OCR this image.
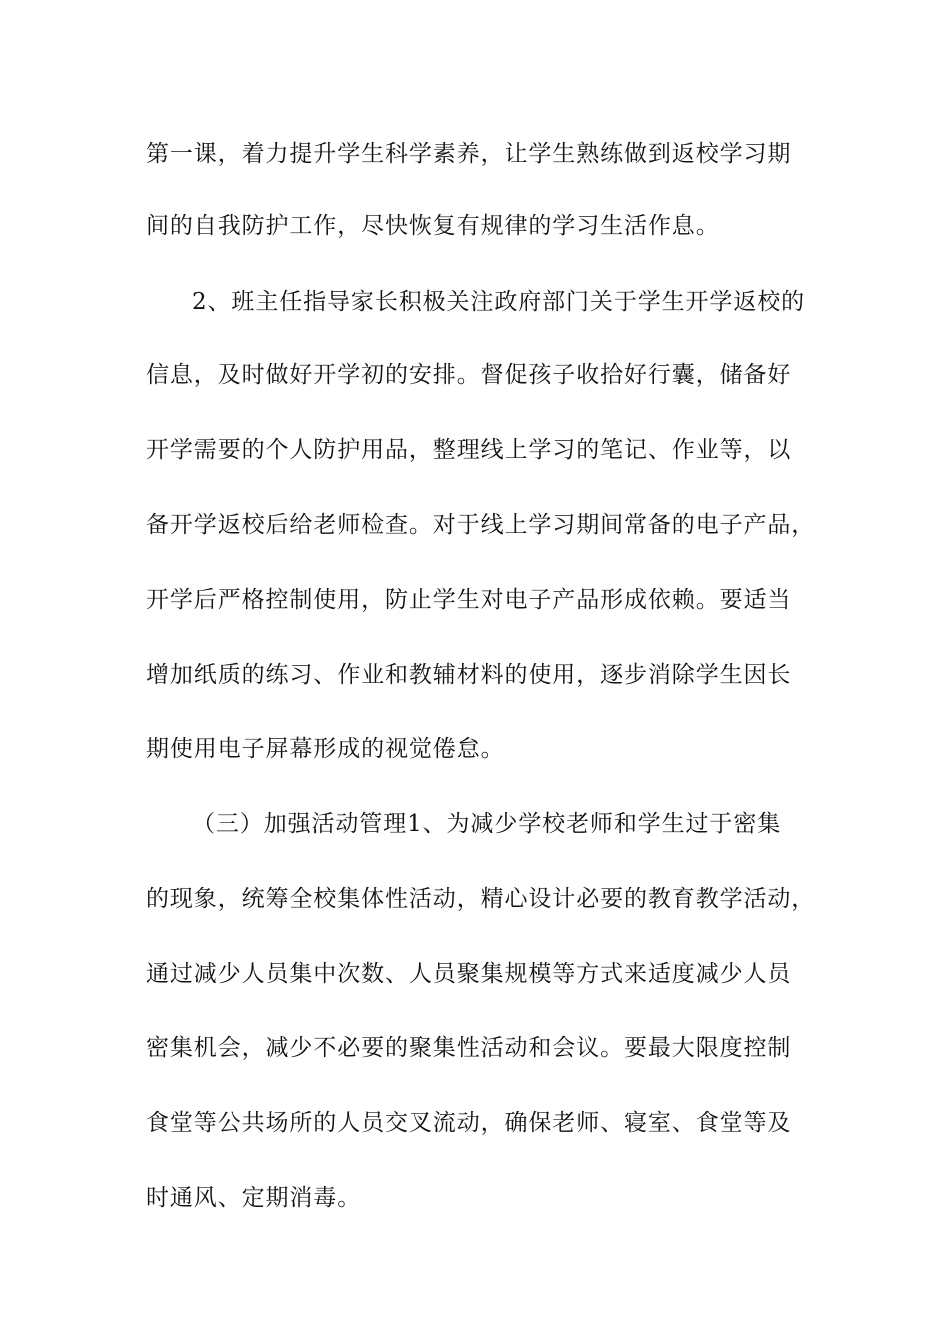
第一课，着力提升学生科学素养，让学生熟练做到返校学习期
间的自我防护工作，尽快恢复有规律的学习生活作息。
2、班主任指导家长积极关注政府部门关于学生开学返校的
信息，及时做好开学初的安排。督促孩子收拾好行囊，储备好
开学需要的个人防护用品，整理线上学习的笔记、作业等，以
备开学返校后给老师检查。对于线上学习期间常备的电子产品，
开学后严格控制使用，防止学生对电子产品形成依赖。要适当
增加纸质的练习、作业和教辅材料的使用，逐步消除学生因长
期使用电子屏幕形成的视觉倦怠。
（三）加强活动管理1、为减少学校老师和学生过于密集
的现象，统筹全校集体性活动，精心设计必要的教育教学活动，
通过减少人员集中次数、人员聚集规模等方式来适度减少人员
密集机会，减少不必要的聚集性活动和会议。要最大限度控制
食堂等公共场所的人员交叉流动，确保老师、寝室、食堂等及
时通风、定期消毒。
